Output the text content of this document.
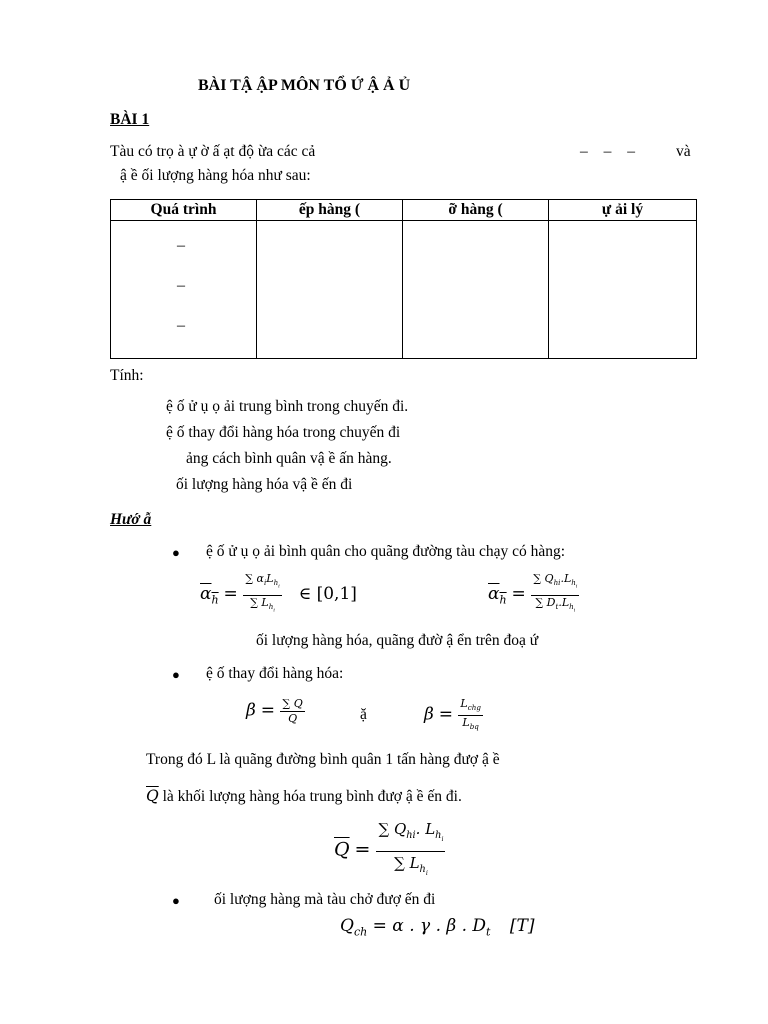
BÀI TẬ ẬP MÔN TỔ Ứ Ậ Ả Ủ
BÀI 1
Tàu có trọ à ự ờ ấ ạt độ ừa các cả	– – – và
ậ ề ối lượng hàng hóa như sau:
Quá trình	ếp hàng (	ỡ hàng (	ự ải lý

–
–
–			

Tính:
ệ ố ử ụ ọ ải trung bình trong chuyến đi.
ệ ố thay đổi hàng hóa trong chuyến đi
ảng cách bình quân vậ ề ấn hàng.
ối lượng hàng hóa vậ ề ến đi
Hướ ẫ
● ệ ố ử ụ ọ ải bình quân cho quãng đường tàu chạy có hàng:
$\alpha_h = \frac{\sum \alpha_iL_{h_i}}{\sum L_{h_i}}$ ∈ [0,1]	$\alpha_h = \frac{\sum Q_{hi}.L_{h_i}}{\sum D_t.L_{h_i}}$
ối lượng hàng hóa, quãng đườ ậ ển trên đoạ ứ
● ệ ố thay đổi hàng hóa:
$\beta = \frac{\sum Q}{Q}$	ặ	$\beta = \frac{L_{chg}}{L_{bq}}$
Trong đó L là quãng đường bình quân 1 tấn hàng đượ ậ ề
$\overline{Q}$ là khối lượng hàng hóa trung bình đượ ậ ề ến đi.
$\overline{Q} = \frac{\sum Q_{hi}. L_{h_i}}{\sum L_{h_i}}$
● ối lượng hàng mà tàu chở đượ ến đi
$Q_{ch} = \alpha$ . γ . β . $D_t$ [T]
